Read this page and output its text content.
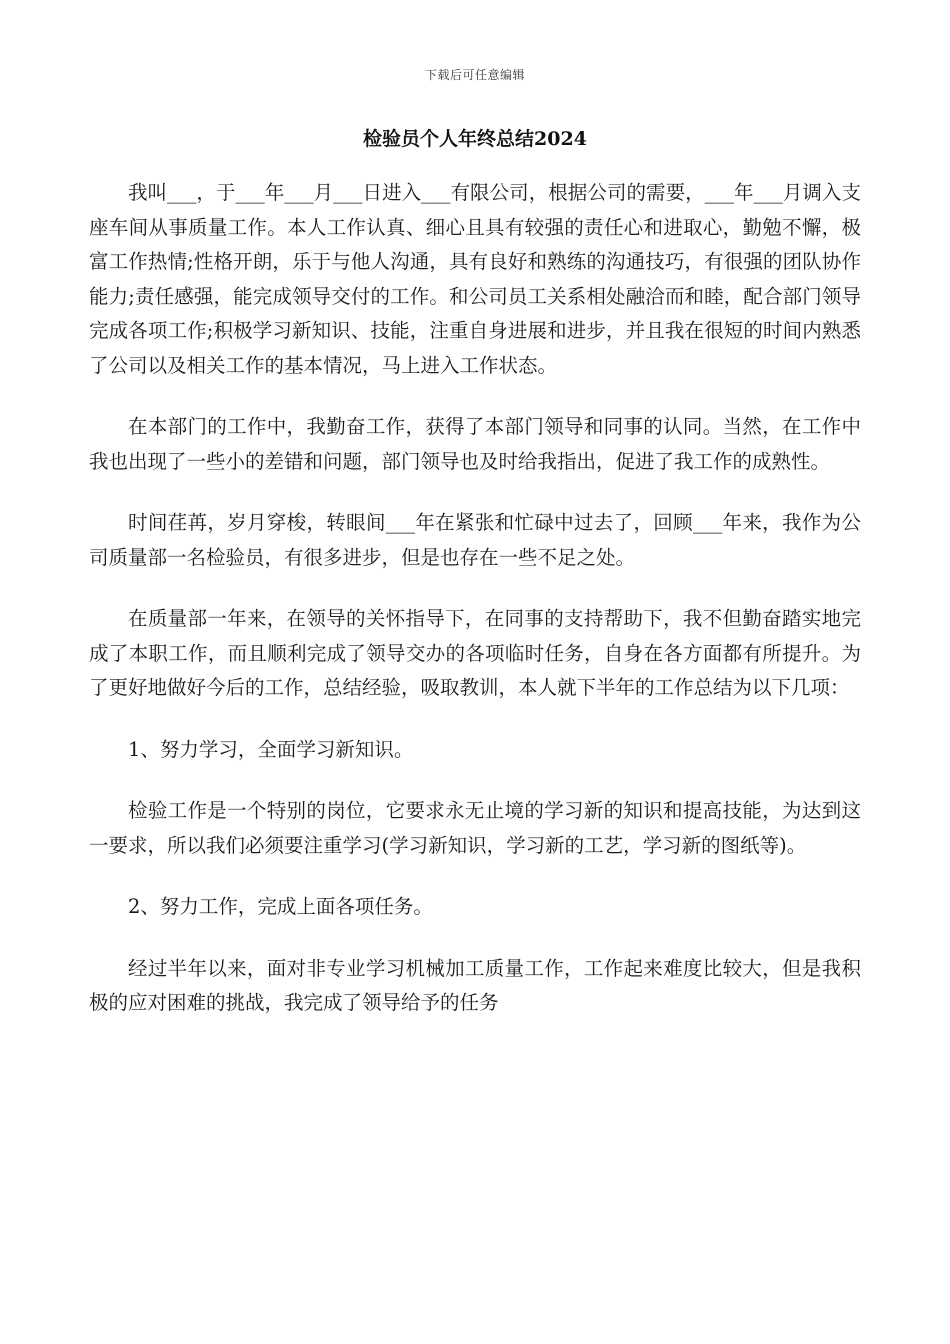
下载后可任意编辑
检验员个人年终总结2024

我叫___，于___年___月___日进入___有限公司，根据公司的需要，___年___月调入支座车间从事质量工作。本人工作认真、细心且具有较强的责任心和进取心，勤勉不懈，极富工作热情;性格开朗，乐于与他人沟通，具有良好和熟练的沟通技巧，有很强的团队协作能力;责任感强，能完成领导交付的工作。和公司员工关系相处融洽而和睦，配合部门领导完成各项工作;积极学习新知识、技能，注重自身进展和进步，并且我在很短的时间内熟悉了公司以及相关工作的基本情况，马上进入工作状态。

在本部门的工作中，我勤奋工作，获得了本部门领导和同事的认同。当然，在工作中我也出现了一些小的差错和问题，部门领导也及时给我指出，促进了我工作的成熟性。

时间荏苒，岁月穿梭，转眼间___年在紧张和忙碌中过去了，回顾___年来，我作为公司质量部一名检验员，有很多进步，但是也存在一些不足之处。

在质量部一年来，在领导的关怀指导下，在同事的支持帮助下，我不但勤奋踏实地完成了本职工作，而且顺利完成了领导交办的各项临时任务，自身在各方面都有所提升。为了更好地做好今后的工作，总结经验，吸取教训，本人就下半年的工作总结为以下几项：

1、努力学习，全面学习新知识。

检验工作是一个特别的岗位，它要求永无止境的学习新的知识和提高技能，为达到这一要求，所以我们必须要注重学习(学习新知识，学习新的工艺，学习新的图纸等)。

2、努力工作，完成上面各项任务。

经过半年以来，面对非专业学习机械加工质量工作，工作起来难度比较大，但是我积极的应对困难的挑战，我完成了领导给予的任务
